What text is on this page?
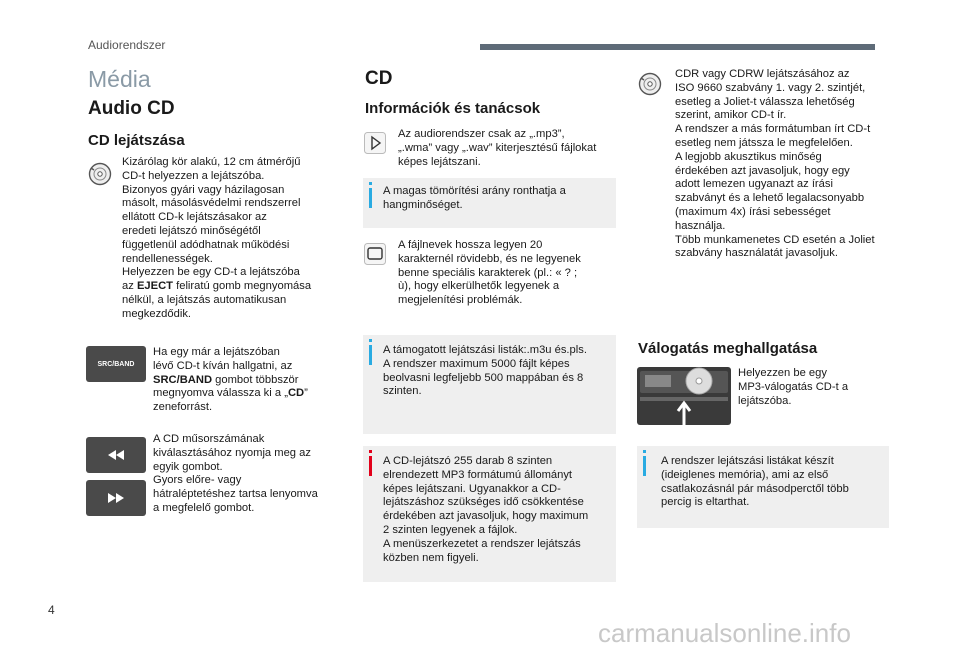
Audiorendszer
Média
Audio CD
CD lejátszása
Kizárólag kör alakú, 12 cm átmérőjű
CD-t helyezzen a lejátszóba.
Bizonyos gyári vagy házilagosan
másolt, másolásvédelmi rendszerrel
ellátott CD-k lejátszásakor az
eredeti lejátszó minőségétől
függetlenül adódhatnak működési
rendellenességek.
Helyezzen be egy CD-t a lejátszóba
az EJECT feliratú gomb megnyomása
nélkül, a lejátszás automatikusan
megkezdődik.
SRC/BAND
Ha egy már a lejátszóban
lévő CD-t kíván hallgatni, az
SRC/BAND gombot többször
megnyomva válassza ki a „CD”
zeneforrást.
A CD műsorszámának
kiválasztásához nyomja meg az
egyik gombot.
Gyors előre- vagy
hátraléptetéshez tartsa lenyomva
a megfelelő gombot.
CD
Információk és tanácsok
Az audiorendszer csak az „.mp3”,
„.wma” vagy „.wav” kiterjesztésű fájlokat
képes lejátszani.
A magas tömörítési arány ronthatja a
hangminőséget.
A fájlnevek hossza legyen 20
karakternél rövidebb, és ne legyenek
benne speciális karakterek (pl.: « ? ;
ù), hogy elkerülhetők legyenek a
megjelenítési problémák.
A támogatott lejátszási listák:.m3u és.pls.
A rendszer maximum 5000 fájlt képes
beolvasni legfeljebb 500 mappában és 8
szinten.
A CD-lejátszó 255 darab 8 szinten
elrendezett MP3 formátumú állományt
képes lejátszani. Ugyanakkor a CD-
lejátszáshoz szükséges idő csökkentése
érdekében azt javasoljuk, hogy maximum
2 szinten legyenek a fájlok.
A menüszerkezetet a rendszer lejátszás
közben nem figyeli.
CDR vagy CDRW lejátszásához az
ISO 9660 szabvány 1. vagy 2. szintjét,
esetleg a Joliet-t válassza lehetőség
szerint, amikor CD-t ír.
A rendszer a más formátumban írt CD-t
esetleg nem játssza le megfelelően.
A legjobb akusztikus minőség
érdekében azt javasoljuk, hogy egy
adott lemezen ugyanazt az írási
szabványt és a lehető legalacsonyabb
(maximum 4x) írási sebességet
használja.
Több munkamenetes CD esetén a Joliet
szabvány használatát javasoljuk.
Válogatás meghallgatása
Helyezzen be egy
MP3-válogatás CD-t a
lejátszóba.
A rendszer lejátszási listákat készít
(ideiglenes memória), ami az első
csatlakozásnál pár másodperctől több
percig is eltarthat.
4
carmanualsonline.info
